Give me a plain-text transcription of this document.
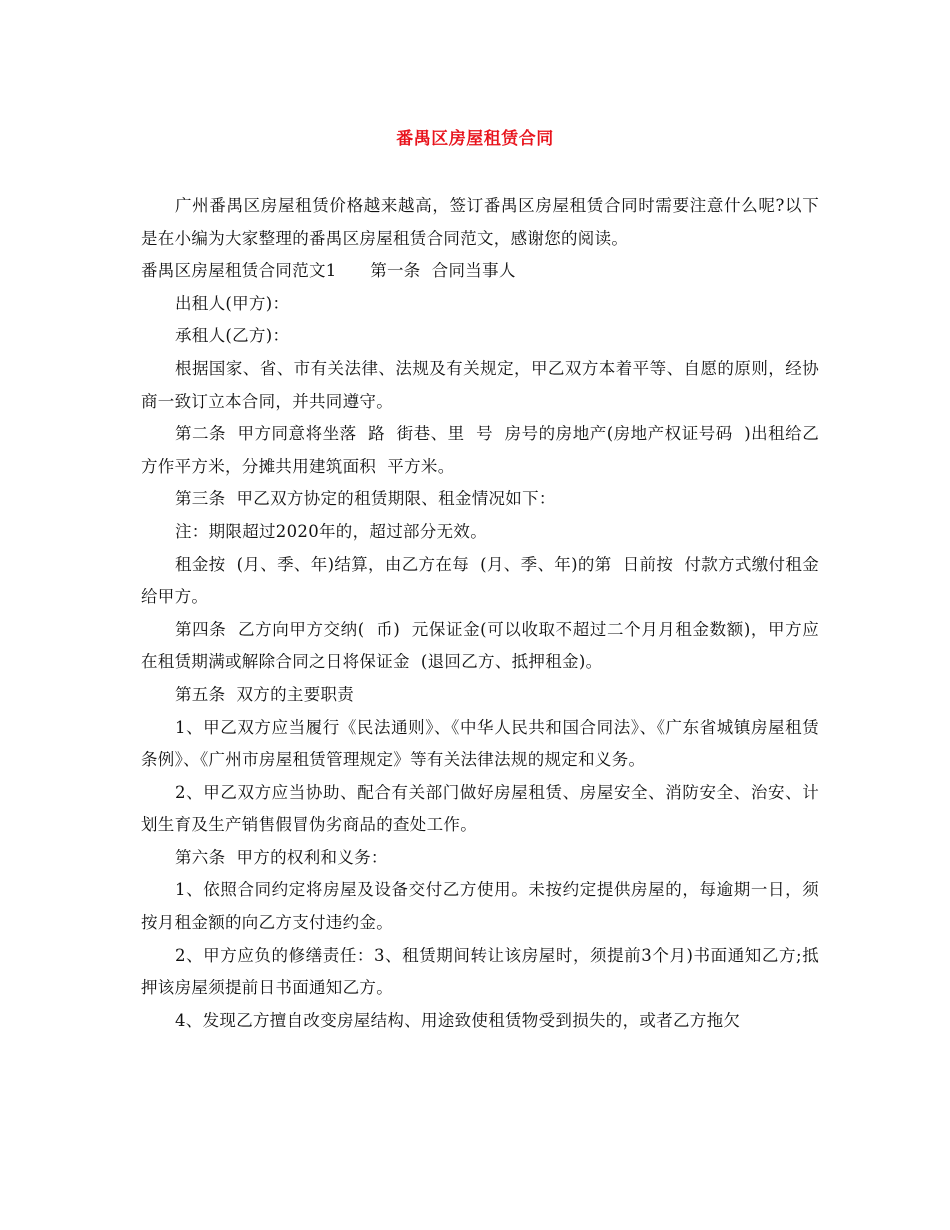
番禺区房屋租赁合同

广州番禺区房屋租赁价格越来越高，签订番禺区房屋租赁合同时需要注意什么呢?以下是在小编为大家整理的番禺区房屋租赁合同范文，感谢您的阅读。

番禺区房屋租赁合同范文1　　第一条  合同当事人

出租人(甲方)：

承租人(乙方)：

根据国家、省、市有关法律、法规及有关规定，甲乙双方本着平等、自愿的原则，经协商一致订立本合同，并共同遵守。

第二条  甲方同意将坐落  路  街巷、里  号  房号的房地产(房地产权证号码  )出租给乙方作平方米，分摊共用建筑面积  平方米。

第三条  甲乙双方协定的租赁期限、租金情况如下：

注：期限超过2020年的，超过部分无效。

租金按  (月、季、年)结算，由乙方在每  (月、季、年)的第  日前按  付款方式缴付租金给甲方。

第四条  乙方向甲方交纳(  币)  元保证金(可以收取不超过二个月月租金数额)，甲方应在租赁期满或解除合同之日将保证金  (退回乙方、抵押租金)。

第五条  双方的主要职责

1、甲乙双方应当履行《民法通则》、《中华人民共和国合同法》、《广东省城镇房屋租赁条例》、《广州市房屋租赁管理规定》等有关法律法规的规定和义务。

2、甲乙双方应当协助、配合有关部门做好房屋租赁、房屋安全、消防安全、治安、计划生育及生产销售假冒伪劣商品的查处工作。

第六条  甲方的权利和义务：

1、依照合同约定将房屋及设备交付乙方使用。未按约定提供房屋的，每逾期一日，须按月租金额的向乙方支付违约金。

2、甲方应负的修缮责任：3、租赁期间转让该房屋时，须提前3个月)书面通知乙方;抵押该房屋须提前日书面通知乙方。

4、发现乙方擅自改变房屋结构、用途致使租赁物受到损失的，或者乙方拖欠
